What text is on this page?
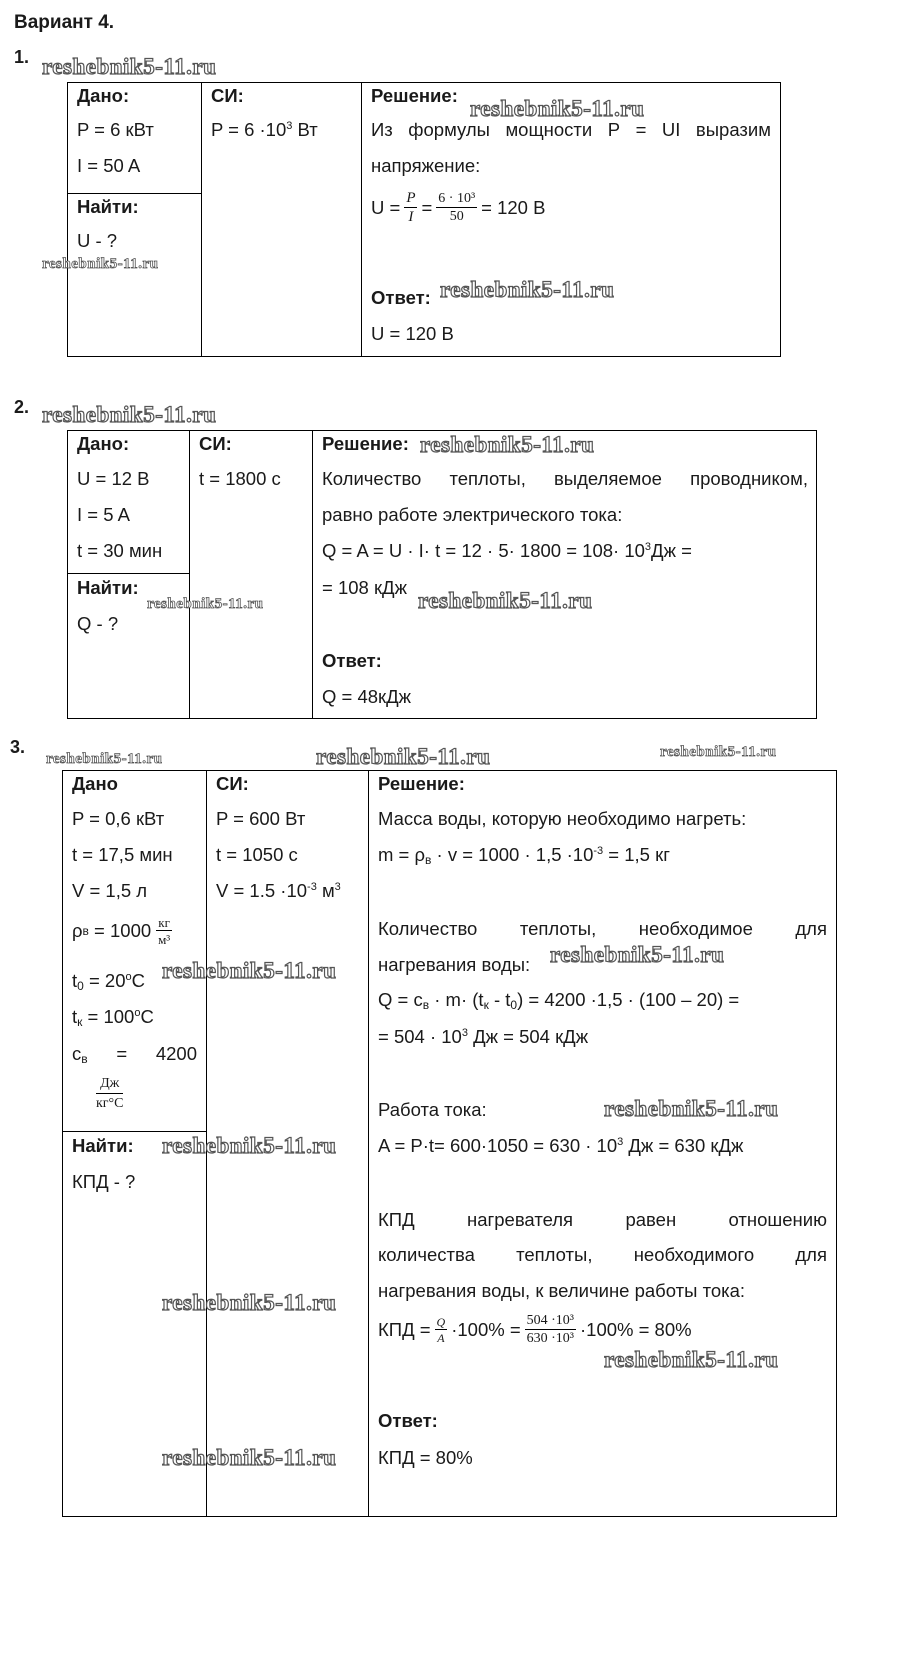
Вариант 4.
1. reshebnik5-11.ru
Дано:
P = 6 кВт
I = 50 A
Найти:
U - ?
reshebnik5-11.ru
СИ:
$P = 6 \cdot 10^3$ Вт
Решение:
reshebnik5-11.ru
Из формулы мощности P = UI выразим
напряжение:
$U = \frac{P}{I} = \frac{\text{6 · 10³}}{50} = 120$ В
Ответ: reshebnik5-11.ru
U = 120 В
2. reshebnik5-11.ru
Дано:
U = 12 В
I = 5 A
t = 30 мин
Найти:
Q - ?
reshebnik5-11.ru
СИ:
t = 1800 с
Решение: reshebnik5-11.ru
Количество теплоты, выделяемое проводником,
равно работе электрического тока:
$Q = A = U \cdot I\cdot t = 12 \cdot 5\cdot 1800 = 108\cdot 10^3Дж$ =
= 108 кДж
reshebnik5-11.ru
Ответ:
Q = 48кДж
3.
reshebnik5-11.ru	reshebnik5-11.ru	reshebnik5-11.ru
Дано
P = 0,6 кВт
t = 17,5 мин
V = 1,5 л
ρ $в = 1000 \frac{кг}{\text{м³}}$
$t_0 = 20^oC$ reshebnik5-11.ru
$t_к = 100^oC$
$c_в = 4200$
$\frac{Дж}{кг^\circ C}$
Найти: reshebnik5-11.ru
КПД - ?
СИ:
P = 600 Вт
t = 1050 с
$V = 1.5 \cdot 10^{-3}$ $м^3$
Решение:
Масса воды, которую необходимо нагреть:
$m = \rho_в \cdot v = 1000 \cdot 1,5 \cdot 10^{-3} = 1,5$ кг
Количество теплоты, необходимое для
нагревания воды: reshebnik5-11.ru
$Q = c_в \cdot m\cdot (t_к - t_0) = 4200 \cdot 1,5 \cdot (100 - 20)$ =
= $504 \cdot 10^3$ Дж = 504 кДж
Работа тока:	reshebnik5-11.ru
$A = P\cdot t= 600\cdot 1050 = 630 \cdot 10^3$ Дж = 630 кДж
КПД	нагревателя	равен	отношению
количества теплоты, необходимого для
нагревания воды, к величине работы тока:
reshebnik5-11.ru
КПД = $\frac{Q}{A} \cdot 100\% = \frac{\text{504 ·10³}}{\text{630 ·10³}} \cdot 100\% = 80\%$
reshebnik5-11.ru
Ответ:
КПД = 80%
reshebnik5-11.ru
